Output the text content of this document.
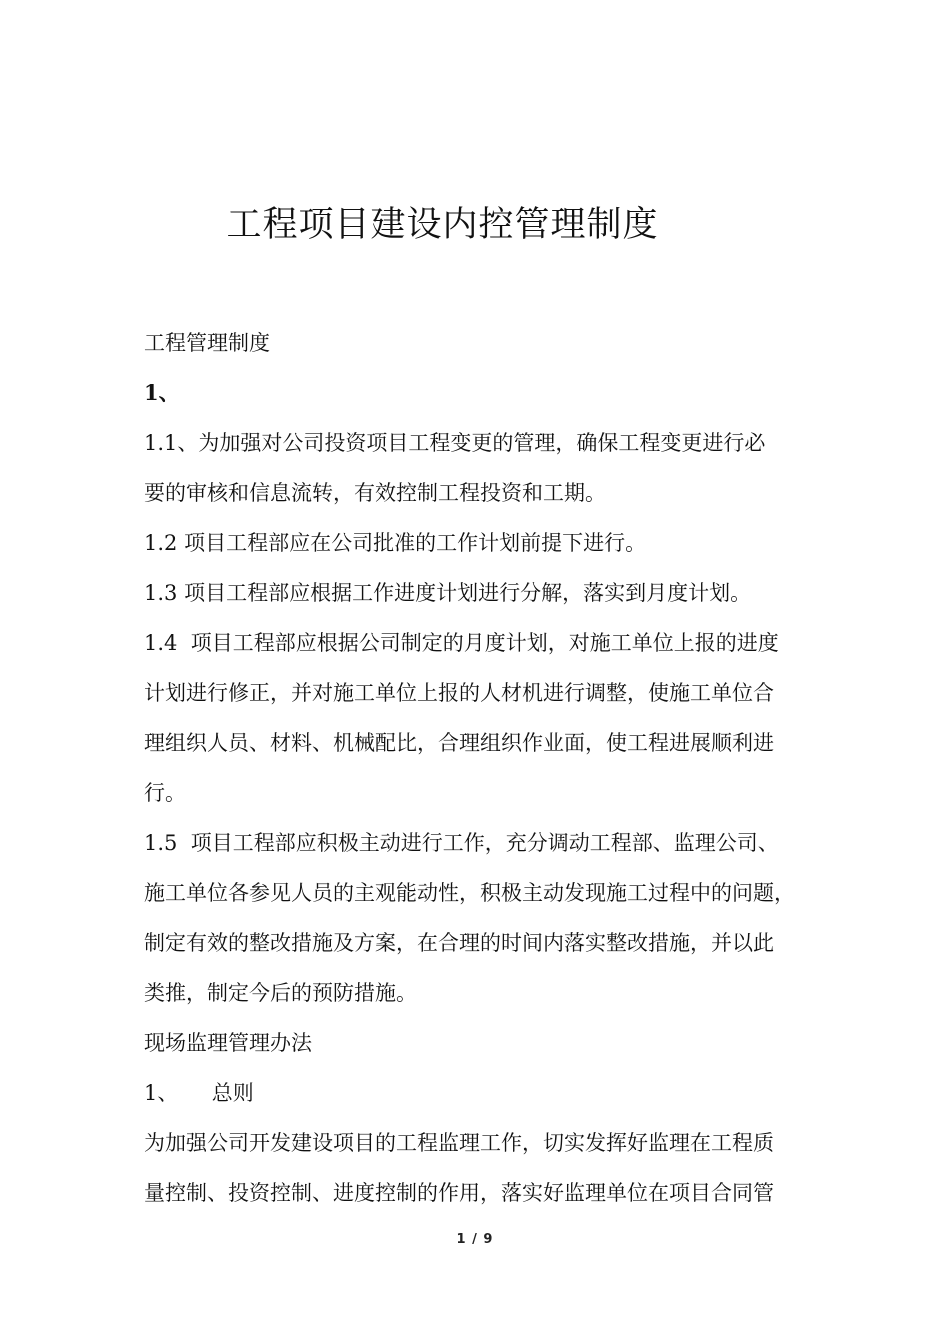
工程项目建设内控管理制度

工程管理制度

1、

1.1、为加强对公司投资项目工程变更的管理，确保工程变更进行必

要的审核和信息流转，有效控制工程投资和工期。

1.2 项目工程部应在公司批准的工作计划前提下进行。

1.3 项目工程部应根据工作进度计划进行分解，落实到月度计划。

1.4  项目工程部应根据公司制定的月度计划，对施工单位上报的进度

计划进行修正，并对施工单位上报的人材机进行调整，使施工单位合

理组织人员、材料、机械配比，合理组织作业面，使工程进展顺利进

行。

1.5  项目工程部应积极主动进行工作，充分调动工程部、监理公司、

施工单位各参见人员的主观能动性，积极主动发现施工过程中的问题，

制定有效的整改措施及方案，在合理的时间内落实整改措施，并以此

类推，制定今后的预防措施。

现场监理管理办法

1、     总则

为加强公司开发建设项目的工程监理工作，切实发挥好监理在工程质

量控制、投资控制、进度控制的作用，落实好监理单位在项目合同管

1 / 9
